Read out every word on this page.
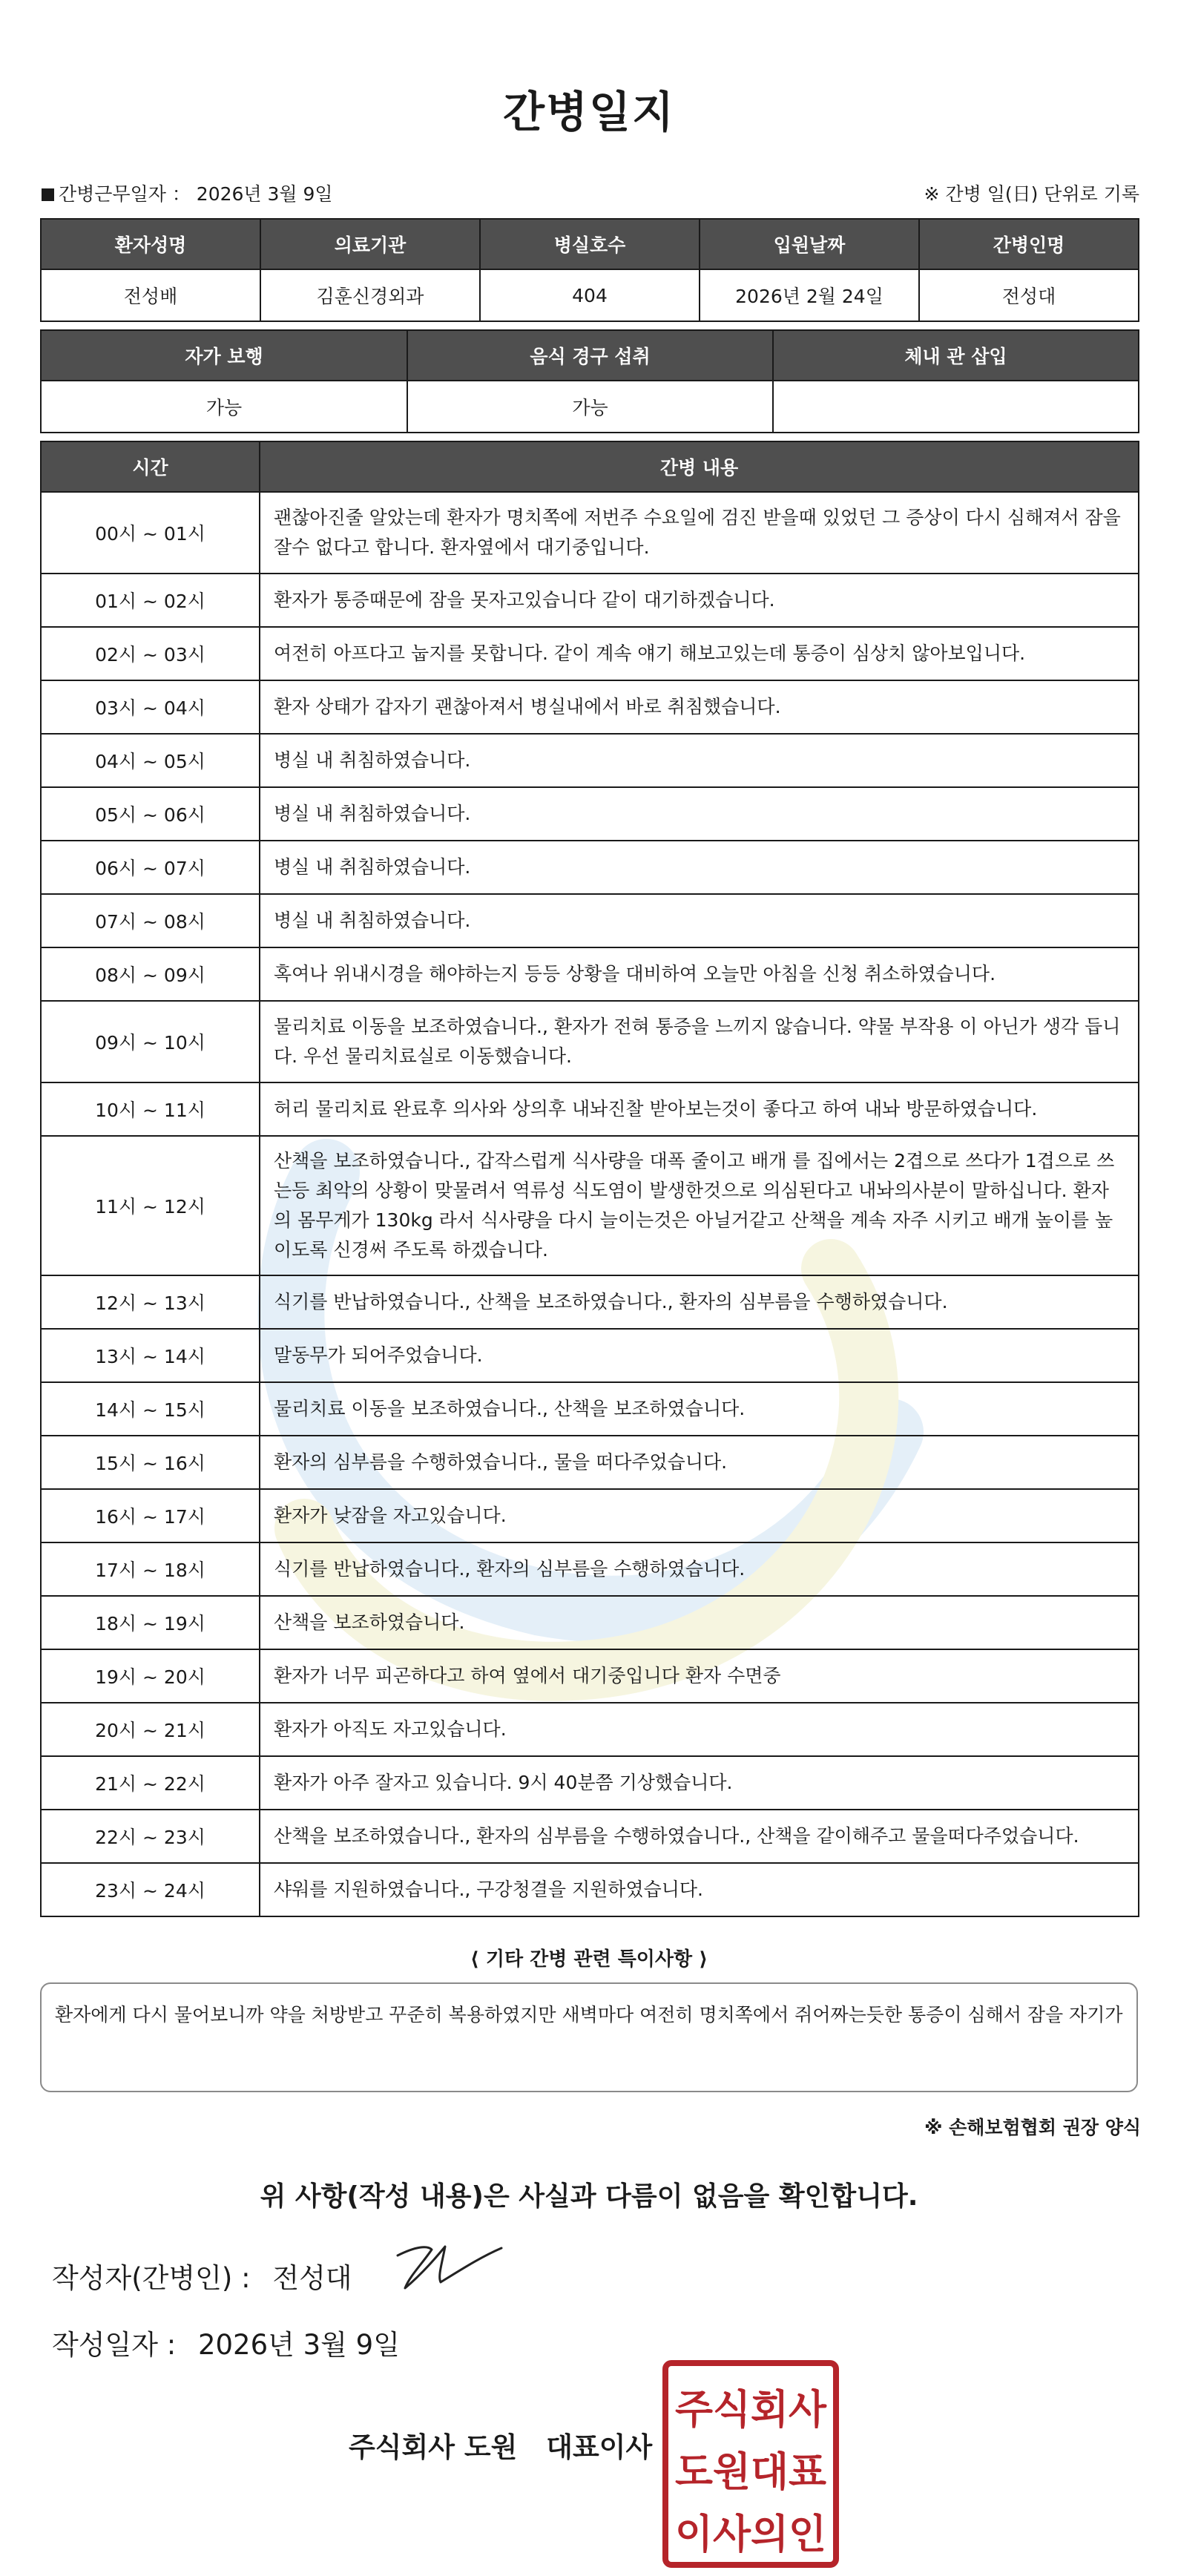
간병일지
간병근무일자 ： 2026년 3월 9일	※ 간병 일(日) 단위로 기록
환자성명	의료기관	병실호수	입원날짜	간병인명
전성배	김훈신경외과	404	2026년 2월 24일	전성대
자가 보행	음식 경구 섭취	체내 관 삽입
가능	가능	
시간	간병 내용
00시 ~ 01시	괜찮아진줄 알았는데 환자가 명치쪽에 저번주 수요일에 검진 받을때 있었던 그 증상이 다시 심해져서 잠을 잘수 없다고 합니다. 환자옆에서 대기중입니다.
01시 ~ 02시	환자가 통증때문에 잠을 못자고있습니다 같이 대기하겠습니다.
02시 ~ 03시	여전히 아프다고 눕지를 못합니다. 같이 계속 얘기 해보고있는데 통증이 심상치 않아보입니다.
03시 ~ 04시	환자 상태가 갑자기 괜찮아져서 병실내에서 바로 취침했습니다.
04시 ~ 05시	병실 내 취침하였습니다.
05시 ~ 06시	병실 내 취침하였습니다.
06시 ~ 07시	병실 내 취침하였습니다.
07시 ~ 08시	병실 내 취침하였습니다.
08시 ~ 09시	혹여나 위내시경을 해야하는지 등등 상황을 대비하여 오늘만 아침을 신청 취소하였습니다.
09시 ~ 10시	물리치료 이동을 보조하였습니다., 환자가 전혀 통증을 느끼지 않습니다. 약물 부작용 이 아닌가 생각 듭니다. 우선 물리치료실로 이동했습니다.
10시 ~ 11시	허리 물리치료 완료후 의사와 상의후 내놔진찰 받아보는것이 좋다고 하여 내놔 방문하였습니다.
11시 ~ 12시	산책을 보조하였습니다., 갑작스럽게 식사량을 대폭 줄이고 배개 를 집에서는 2겹으로 쓰다가 1겹으로 쓰는등 최악의 상황이 맞물려서 역류성 식도염이 발생한것으로 의심된다고 내놔의사분이 말하십니다. 환자의 몸무게가 130kg 라서 식사량을 다시 늘이는것은 아닐거같고 산책을 계속 자주 시키고 배개 높이를 높이도록 신경써 주도록 하겠습니다.
12시 ~ 13시	식기를 반납하였습니다., 산책을 보조하였습니다., 환자의 심부름을 수행하였습니다.
13시 ~ 14시	말동무가 되어주었습니다.
14시 ~ 15시	물리치료 이동을 보조하였습니다., 산책을 보조하였습니다.
15시 ~ 16시	환자의 심부름을 수행하였습니다., 물을 떠다주었습니다.
16시 ~ 17시	환자가 낮잠을 자고있습니다.
17시 ~ 18시	식기를 반납하였습니다., 환자의 심부름을 수행하였습니다.
18시 ~ 19시	산책을 보조하였습니다.
19시 ~ 20시	환자가 너무 피곤하다고 하여 옆에서 대기중입니다 환자 수면중
20시 ~ 21시	환자가 아직도 자고있습니다.
21시 ~ 22시	환자가 아주 잘자고 있습니다. 9시 40분쯤 기상했습니다.
22시 ~ 23시	산책을 보조하였습니다., 환자의 심부름을 수행하였습니다., 산책을 같이해주고 물을떠다주었습니다.
23시 ~ 24시	샤워를 지원하였습니다., 구강청결을 지원하였습니다.
⟨ 기타 간병 관련 특이사항 ⟩
환자에게 다시 물어보니까 약을 처방받고 꾸준히 복용하였지만 새벽마다 여전히 명치쪽에서 쥐어짜는듯한 통증이 심해서 잠을 자기가
※ 손해보험협회 권장 양식
위 사항(작성 내용)은 사실과 다름이 없음을 확인합니다.
작성자(간병인) : 전성대
작성일자 : 2026년 3월 9일
주식회사 도원 대표이사
주식회사
도원대표
이사의인
